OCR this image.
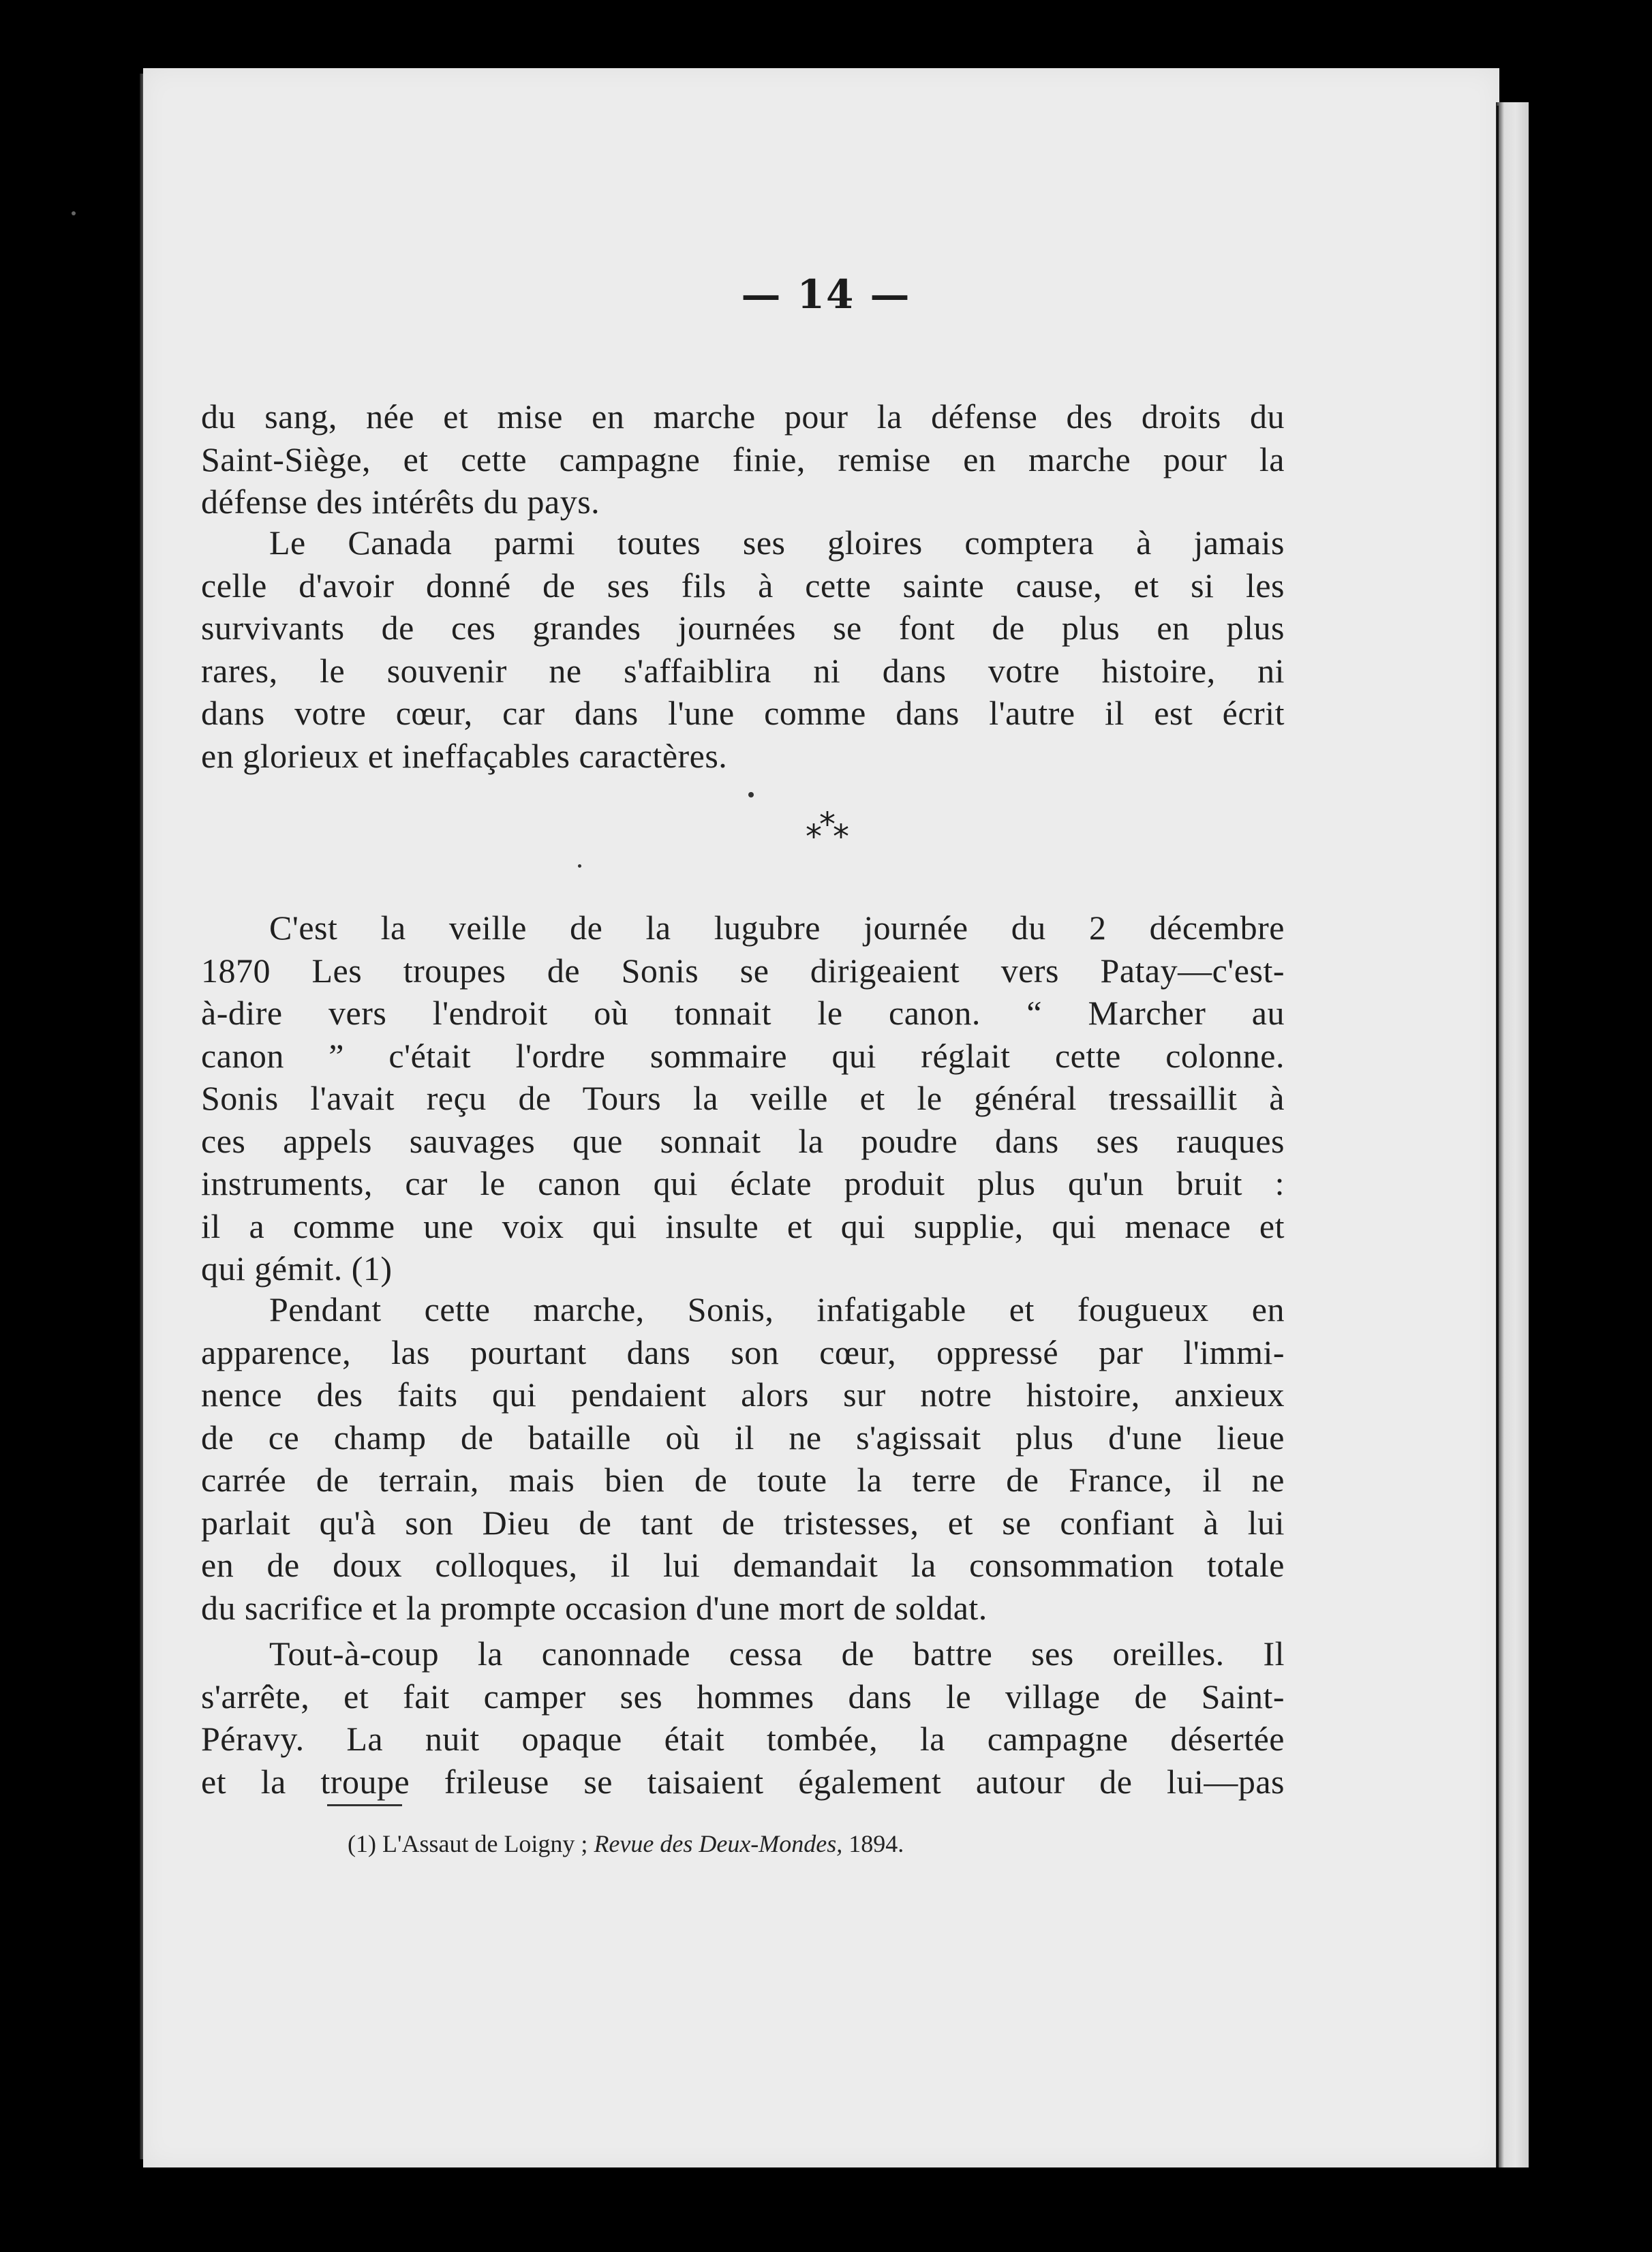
— 14 —
du sang, née et mise en marche pour la défense des droits du
Saint-Siège, et cette campagne finie, remise en marche pour la
défense des intérêts du pays.
Le Canada parmi toutes ses gloires comptera à jamais
celle d'avoir donné de ses fils à cette sainte cause, et si les
survivants de ces grandes journées se font de plus en plus
rares, le souvenir ne s'affaiblira ni dans votre histoire, ni
dans votre cœur, car dans l'une comme dans l'autre il est écrit
en glorieux et ineffaçables caractères.
***
C'est la veille de la lugubre journée du 2 décembre
1870 Les troupes de Sonis se dirigeaient vers Patay—c'est-
à-dire vers l'endroit où tonnait le canon. “ Marcher au
canon ” c'était l'ordre sommaire qui réglait cette colonne.
Sonis l'avait reçu de Tours la veille et le général tressaillit à
ces appels sauvages que sonnait la poudre dans ses rauques
instruments, car le canon qui éclate produit plus qu'un bruit :
il a comme une voix qui insulte et qui supplie, qui menace et
qui gémit. (1)
Pendant cette marche, Sonis, infatigable et fougueux en
apparence, las pourtant dans son cœur, oppressé par l'immi-
nence des faits qui pendaient alors sur notre histoire, anxieux
de ce champ de bataille où il ne s'agissait plus d'une lieue
carrée de terrain, mais bien de toute la terre de France, il ne
parlait qu'à son Dieu de tant de tristesses, et se confiant à lui
en de doux colloques, il lui demandait la consommation totale
du sacrifice et la prompte occasion d'une mort de soldat.
Tout-à-coup la canonnade cessa de battre ses oreilles. Il
s'arrête, et fait camper ses hommes dans le village de Saint-
Péravy. La nuit opaque était tombée, la campagne désertée
et la troupe frileuse se taisaient également autour de lui—pas
(1) L'Assaut de Loigny ; Revue des Deux-Mondes, 1894.
